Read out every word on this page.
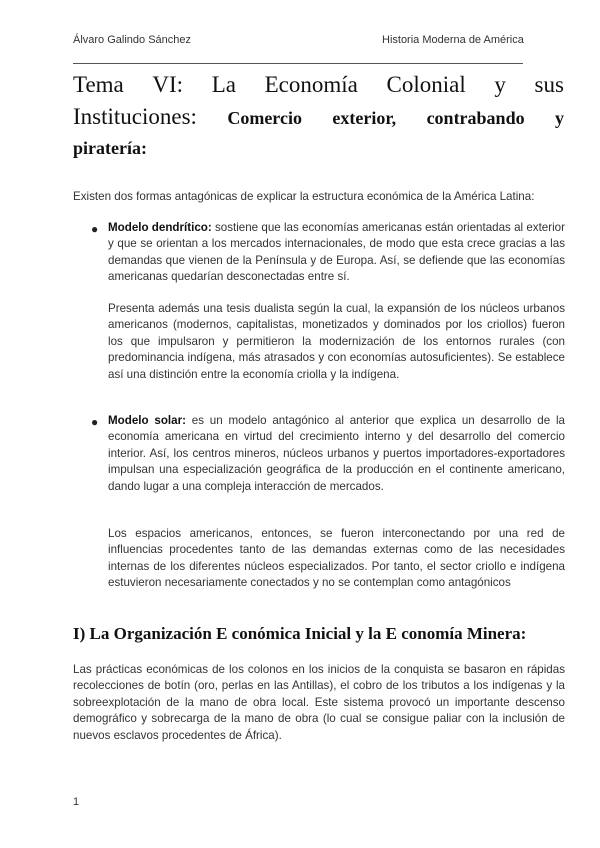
Álvaro Galindo Sánchez	Historia Moderna de América
Tema VI: La Economía Colonial y sus
Instituciones: Comercio exterior, contrabando y
piratería:

Existen dos formas antagónicas de explicar la estructura económica de la América Latina:

● Modelo dendrítico: sostiene que las economías americanas están orientadas al exterior y que se orientan a los mercados internacionales, de modo que esta crece gracias a las demandas que vienen de la Península y de Europa. Así, se defiende que las economías americanas quedarían desconectadas entre sí.

Presenta además una tesis dualista según la cual, la expansión de los núcleos urbanos americanos (modernos, capitalistas, monetizados y dominados por los criollos) fueron los que impulsaron y permitieron la modernización de los entornos rurales (con predominancia indígena, más atrasados y con economías autosuficientes). Se establece así una distinción entre la economía criolla y la indígena.

● Modelo solar: es un modelo antagónico al anterior que explica un desarrollo de la economía americana en virtud del crecimiento interno y del desarrollo del comercio interior. Así, los centros mineros, núcleos urbanos y puertos importadores-exportadores impulsan una especialización geográfica de la producción en el continente americano, dando lugar a una compleja interacción de mercados.

Los espacios americanos, entonces, se fueron interconectando por una red de influencias procedentes tanto de las demandas externas como de las necesidades internas de los diferentes núcleos especializados. Por tanto, el sector criollo e indígena estuvieron necesariamente conectados y no se contemplan como antagónicos

I) La Organización E conómica Inicial y la E conomía Minera:

Las prácticas económicas de los colonos en los inicios de la conquista se basaron en rápidas recolecciones de botín (oro, perlas en las Antillas), el cobro de los tributos a los indígenas y la sobreexplotación de la mano de obra local. Este sistema provocó un importante descenso demográfico y sobrecarga de la mano de obra (lo cual se consigue paliar con la inclusión de nuevos esclavos procedentes de África).

1
